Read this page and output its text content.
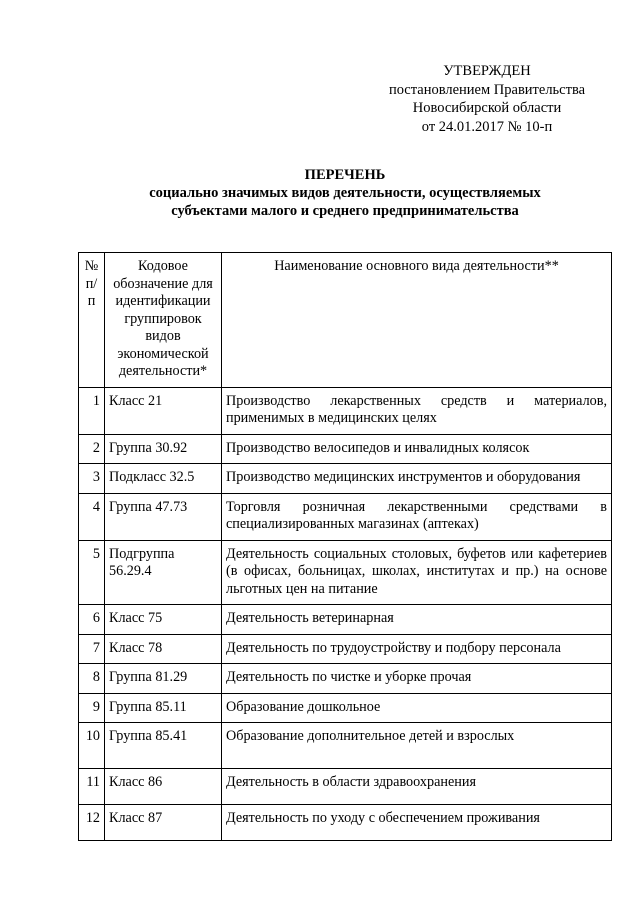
УТВЕРЖДЕН
постановлением Правительства
Новосибирской области
от 24.01.2017 № 10-п
ПЕРЕЧЕНЬ
социально значимых видов деятельности, осуществляемых
субъектами малого и среднего предпринимательства
№ п/п	Кодовое обозначение для идентификации группировок видов экономической деятельности*	Наименование основного вида деятельности**
1	Класс 21	Производство лекарственных средств и материалов, применимых в медицинских целях
2	Группа 30.92	Производство велосипедов и инвалидных колясок
3	Подкласс 32.5	Производство медицинских инструментов и оборудования
4	Группа 47.73	Торговля розничная лекарственными средствами в специализированных магазинах (аптеках)
5	Подгруппа 56.29.4	Деятельность социальных столовых, буфетов или кафетериев (в офисах, больницах, школах, институтах и пр.) на основе льготных цен на питание
6	Класс 75	Деятельность ветеринарная
7	Класс 78	Деятельность по трудоустройству и подбору персонала
8	Группа 81.29	Деятельность по чистке и уборке прочая
9	Группа 85.11	Образование дошкольное
10	Группа 85.41	Образование дополнительное детей и взрослых
11	Класс 86	Деятельность в области здравоохранения
12	Класс 87	Деятельность по уходу с обеспечением проживания
